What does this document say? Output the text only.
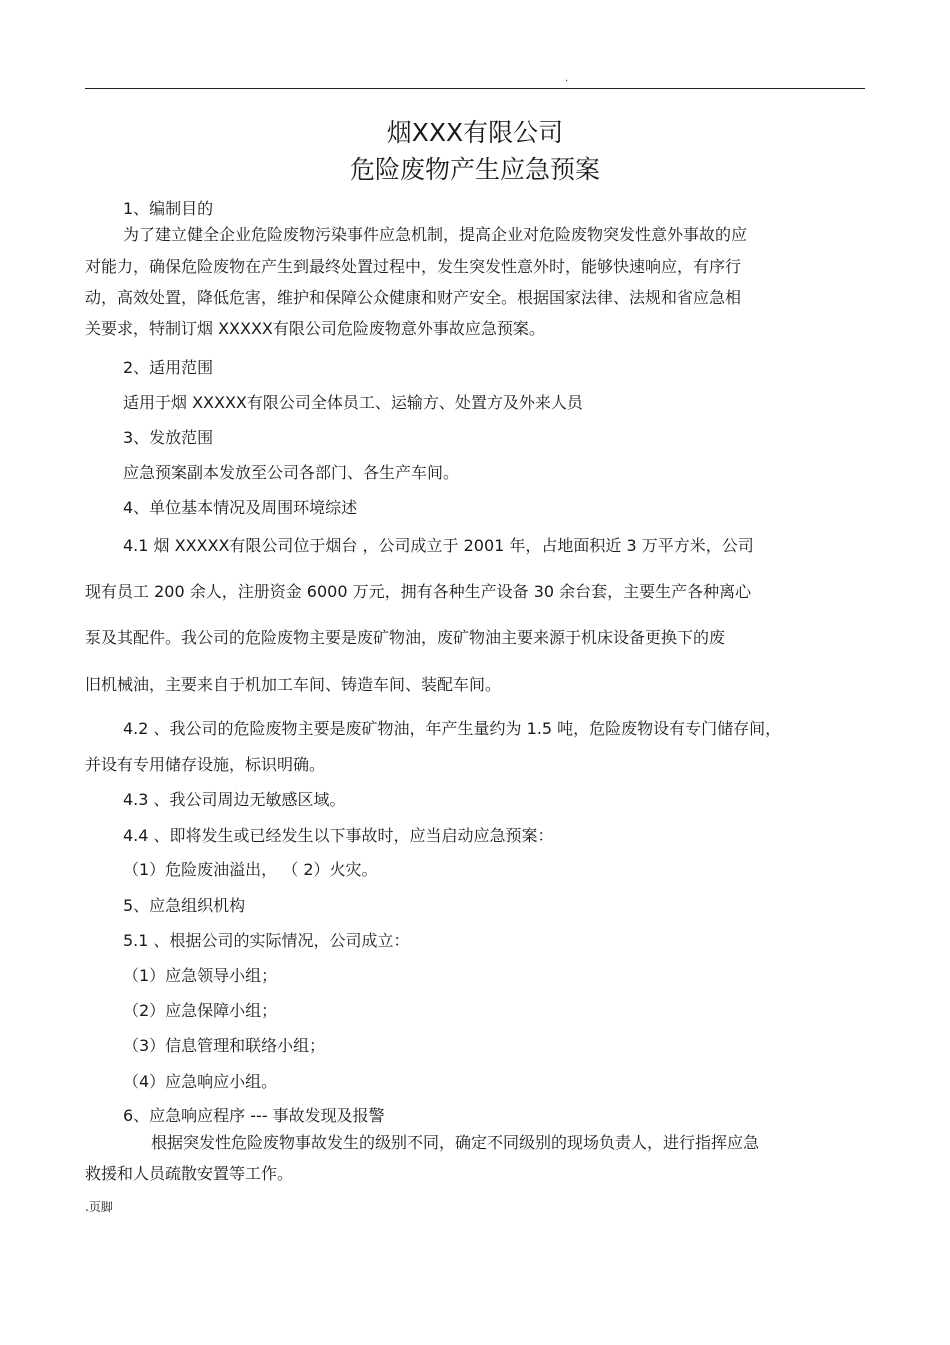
.
烟XXX有限公司
危险废物产生应急预案
1、编制目的
为了建立健全企业危险废物污染事件应急机制，提高企业对危险废物突发性意外事故的应
对能力，确保危险废物在产生到最终处置过程中，发生突发性意外时，能够快速响应，有序行
动，高效处置，降低危害，维护和保障公众健康和财产安全。根据国家法律、法规和省应急相
关要求，特制订烟 XXXXX有限公司危险废物意外事故应急预案。
2、适用范围
适用于烟 XXXXX有限公司全体员工、运输方、处置方及外来人员
3、发放范围
应急预案副本发放至公司各部门、各生产车间。
4、单位基本情况及周围环境综述
4.1 烟 XXXXX有限公司位于烟台 ，公司成立于 2001 年，占地面积近 3 万平方米，公司
现有员工 200 余人，注册资金 6000 万元，拥有各种生产设备 30 余台套，主要生产各种离心
泵及其配件。我公司的危险废物主要是废矿物油，废矿物油主要来源于机床设备更换下的废
旧机械油，主要来自于机加工车间、铸造车间、装配车间。
4.2 、我公司的危险废物主要是废矿物油，年产生量约为 1.5 吨，危险废物设有专门储存间，
并设有专用储存设施，标识明确。
4.3 、我公司周边无敏感区域。
4.4 、即将发生或已经发生以下事故时，应当启动应急预案：
（1）危险废油溢出， （ 2）火灾。
5、应急组织机构
5.1 、根据公司的实际情况，公司成立：
（1）应急领导小组；
（2）应急保障小组；
（3）信息管理和联络小组；
（4）应急响应小组。
6、应急响应程序 --- 事故发现及报警
根据突发性危险废物事故发生的级别不同，确定不同级别的现场负责人，进行指挥应急
救援和人员疏散安置等工作。
.页脚
